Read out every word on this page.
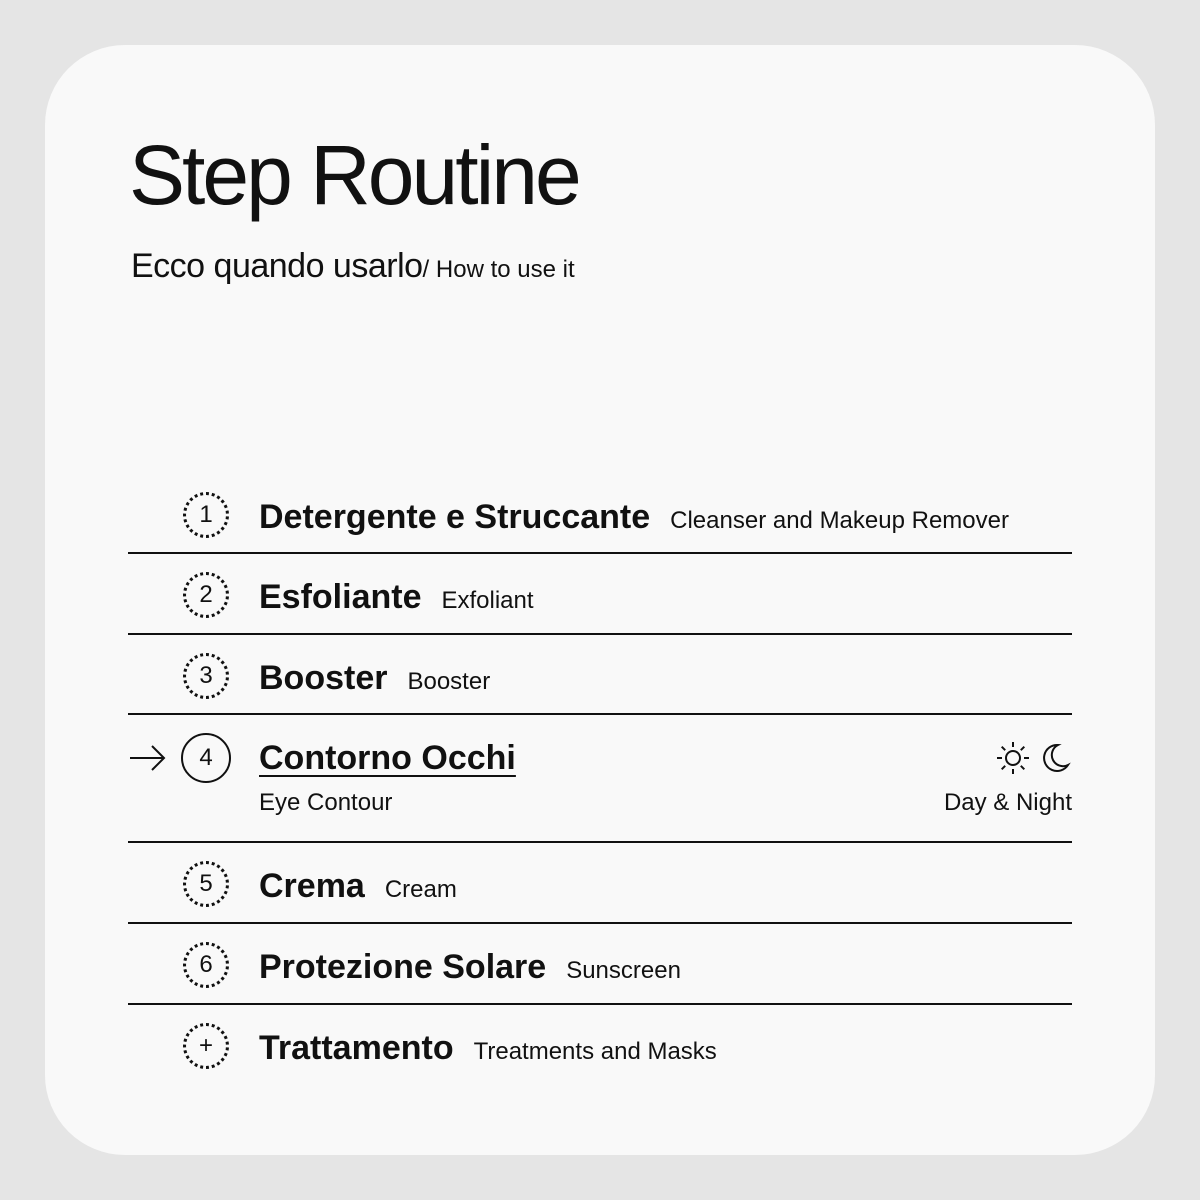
Step Routine
Ecco quando usarlo/ How to use it
1	Detergente e Struccante Cleanser and Makeup Remover
2	Esfoliante Exfoliant
3	Booster Booster
4	Contorno Occhi
Eye Contour	Day & Night
5	Crema Cream
6	Protezione Solare Sunscreen
+	Trattamento Treatments and Masks
